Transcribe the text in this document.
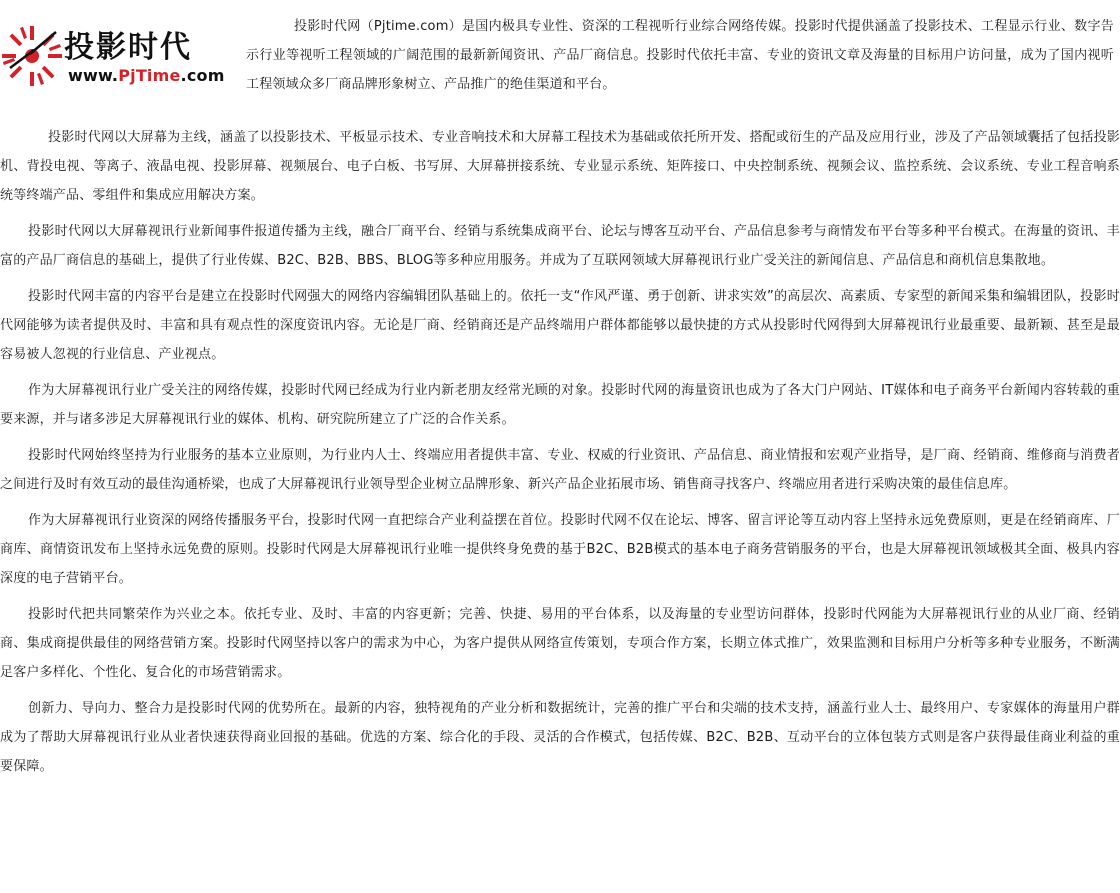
投影时代
www.PjTime.com

投影时代网（Pjtime.com）是国内极具专业性、资深的工程视听行业综合网络传媒。投影时代提供涵盖了投影技术、工程显示行业、数字告示行业等视听工程领域的广阔范围的最新新闻资讯、产品厂商信息。投影时代依托丰富、专业的资讯文章及海量的目标用户访问量，成为了国内视听工程领域众多厂商品牌形象树立、产品推广的绝佳渠道和平台。

投影时代网以大屏幕为主线，涵盖了以投影技术、平板显示技术、专业音响技术和大屏幕工程技术为基础或依托所开发、搭配或衍生的产品及应用行业，涉及了产品领域囊括了包括投影机、背投电视、等离子、液晶电视、投影屏幕、视频展台、电子白板、书写屏、大屏幕拼接系统、专业显示系统、矩阵接口、中央控制系统、视频会议、监控系统、会议系统、专业工程音响系统等终端产品、零组件和集成应用解决方案。

投影时代网以大屏幕视讯行业新闻事件报道传播为主线，融合厂商平台、经销与系统集成商平台、论坛与博客互动平台、产品信息参考与商情发布平台等多种平台模式。在海量的资讯、丰富的产品厂商信息的基础上，提供了行业传媒、B2C、B2B、BBS、BLOG等多种应用服务。并成为了互联网领域大屏幕视讯行业广受关注的新闻信息、产品信息和商机信息集散地。

投影时代网丰富的内容平台是建立在投影时代网强大的网络内容编辑团队基础上的。依托一支“作风严谨、勇于创新、讲求实效”的高层次、高素质、专家型的新闻采集和编辑团队，投影时代网能够为读者提供及时、丰富和具有观点性的深度资讯内容。无论是厂商、经销商还是产品终端用户群体都能够以最快捷的方式从投影时代网得到大屏幕视讯行业最重要、最新颖、甚至是最容易被人忽视的行业信息、产业视点。

作为大屏幕视讯行业广受关注的网络传媒，投影时代网已经成为行业内新老朋友经常光顾的对象。投影时代网的海量资讯也成为了各大门户网站、IT媒体和电子商务平台新闻内容转载的重要来源，并与诸多涉足大屏幕视讯行业的媒体、机构、研究院所建立了广泛的合作关系。

投影时代网始终坚持为行业服务的基本立业原则，为行业内人士、终端应用者提供丰富、专业、权威的行业资讯、产品信息、商业情报和宏观产业指导，是厂商、经销商、维修商与消费者之间进行及时有效互动的最佳沟通桥梁，也成了大屏幕视讯行业领导型企业树立品牌形象、新兴产品企业拓展市场、销售商寻找客户、终端应用者进行采购决策的最佳信息库。

作为大屏幕视讯行业资深的网络传播服务平台，投影时代网一直把综合产业利益摆在首位。投影时代网不仅在论坛、博客、留言评论等互动内容上坚持永远免费原则，更是在经销商库、厂商库、商情资讯发布上坚持永远免费的原则。投影时代网是大屏幕视讯行业唯一提供终身免费的基于B2C、B2B模式的基本电子商务营销服务的平台，也是大屏幕视讯领域极其全面、极具内容深度的电子营销平台。

投影时代把共同繁荣作为兴业之本。依托专业、及时、丰富的内容更新；完善、快捷、易用的平台体系，以及海量的专业型访问群体，投影时代网能为大屏幕视讯行业的从业厂商、经销商、集成商提供最佳的网络营销方案。投影时代网坚持以客户的需求为中心，为客户提供从网络宣传策划，专项合作方案，长期立体式推广，效果监测和目标用户分析等多种专业服务，不断满足客户多样化、个性化、复合化的市场营销需求。

创新力、导向力、整合力是投影时代网的优势所在。最新的内容，独特视角的产业分析和数据统计，完善的推广平台和尖端的技术支持，涵盖行业人士、最终用户、专家媒体的海量用户群成为了帮助大屏幕视讯行业从业者快速获得商业回报的基础。优选的方案、综合化的手段、灵活的合作模式，包括传媒、B2C、B2B、互动平台的立体包装方式则是客户获得最佳商业利益的重要保障。
